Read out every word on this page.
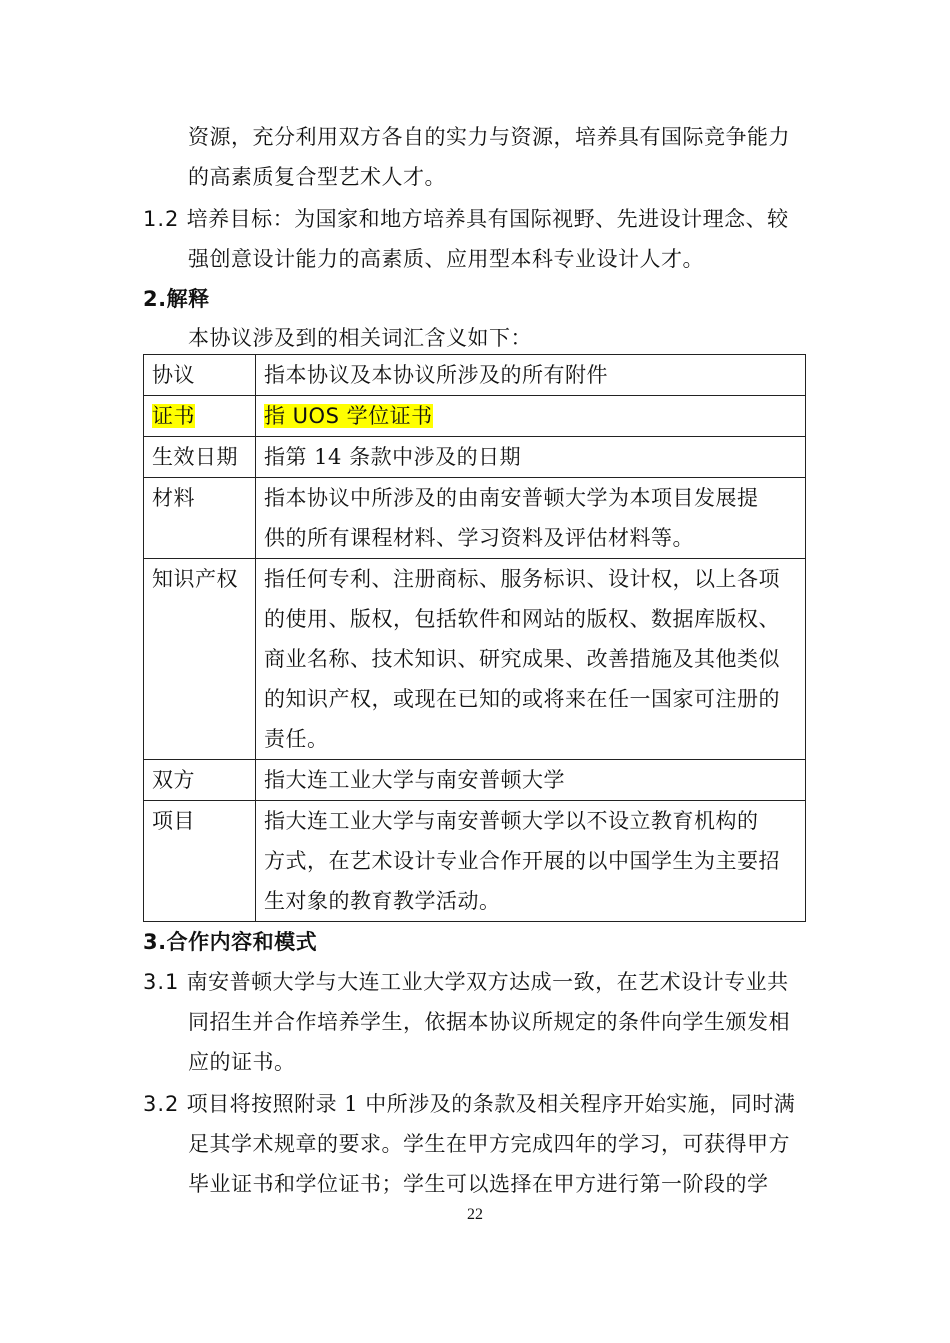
资源，充分利用双方各自的实力与资源，培养具有国际竞争能力
的高素质复合型艺术人才。
1.2 培养目标：为国家和地方培养具有国际视野、先进设计理念、较
强创意设计能力的高素质、应用型本科专业设计人才。
2.解释
本协议涉及到的相关词汇含义如下：
协议	指本协议及本协议所涉及的所有附件

证书	指 UOS 学位证书
生效日期	指第 14 条款中涉及的日期

材料	指本协议中所涉及的由南安普顿大学为本项目发展提
供的所有课程材料、学习资料及评估材料等。

知识产权	指任何专利、注册商标、服务标识、设计权，以上各项
的使用、版权，包括软件和网站的版权、数据库版权、
商业名称、技术知识、研究成果、改善措施及其他类似
的知识产权，或现在已知的或将来在任一国家可注册的
责任。

双方	指大连工业大学与南安普顿大学

项目	指大连工业大学与南安普顿大学以不设立教育机构的
方式，在艺术设计专业合作开展的以中国学生为主要招
生对象的教育教学活动。
3.合作内容和模式
3.1 南安普顿大学与大连工业大学双方达成一致，在艺术设计专业共
同招生并合作培养学生，依据本协议所规定的条件向学生颁发相
应的证书。
3.2 项目将按照附录 1 中所涉及的条款及相关程序开始实施，同时满
足其学术规章的要求。学生在甲方完成四年的学习，可获得甲方
毕业证书和学位证书；学生可以选择在甲方进行第一阶段的学
22
